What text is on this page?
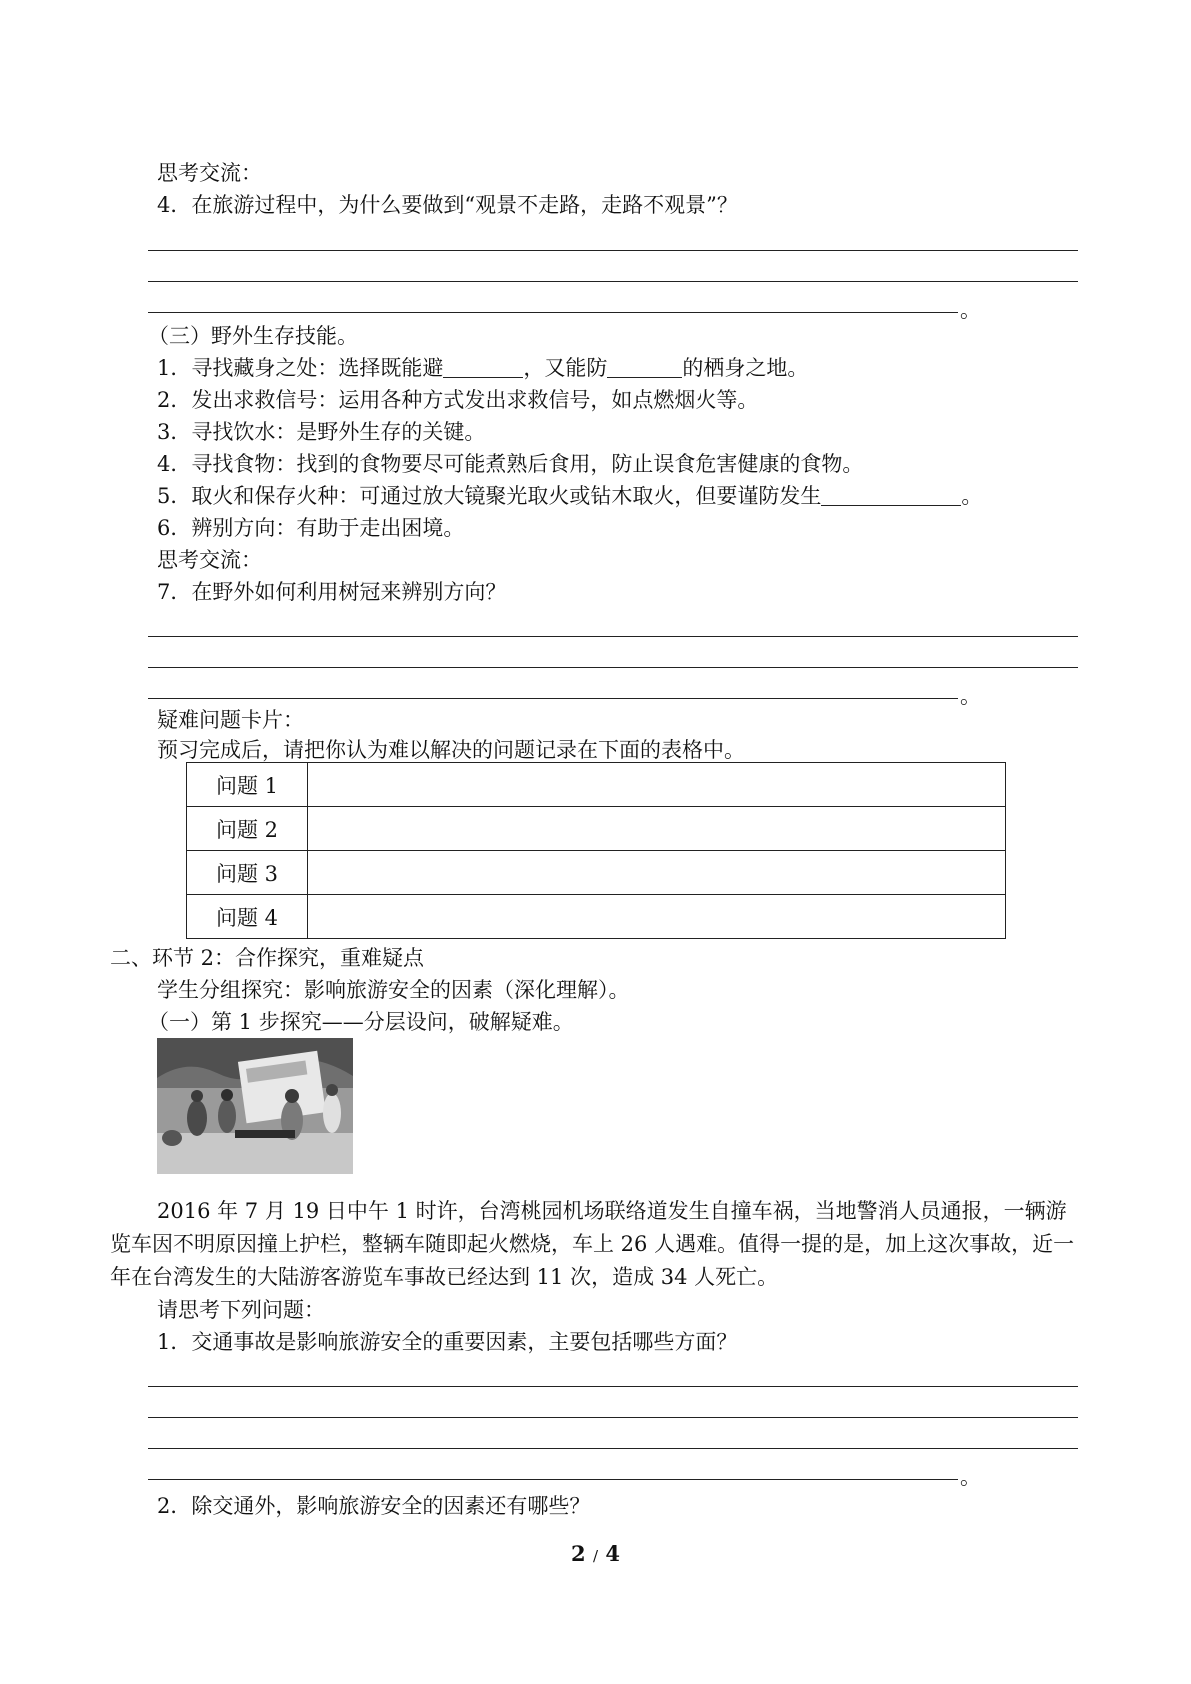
思考交流：
4．在旅游过程中，为什么要做到“观景不走路，走路不观景”？
。
（三）野外生存技能。
1．寻找藏身之处：选择既能避	，又能防	的栖身之地。
2．发出求救信号：运用各种方式发出求救信号，如点燃烟火等。
3．寻找饮水：是野外生存的关键。
4．寻找食物：找到的食物要尽可能煮熟后食用，防止误食危害健康的食物。
5．取火和保存火种：可通过放大镜聚光取火或钻木取火，但要谨防发生	。
6．辨别方向：有助于走出困境。
思考交流：
7．在野外如何利用树冠来辨别方向？
。
疑难问题卡片：
预习完成后，请把你认为难以解决的问题记录在下面的表格中。
问题 1	
问题 2	
问题 3	
问题 4	
二、环节 2：合作探究，重难疑点
学生分组探究：影响旅游安全的因素（深化理解）。
（一）第 1 步探究——分层设问，破解疑难。
2016 年 7 月 19 日中午 1 时许，台湾桃园机场联络道发生自撞车祸，当地警消人员通报，一辆游览车因不明原因撞上护栏，整辆车随即起火燃烧，车上 26 人遇难。值得一提的是，加上这次事故，近一年在台湾发生的大陆游客游览车事故已经达到 11 次，造成 34 人死亡。
请思考下列问题：
1．交通事故是影响旅游安全的重要因素，主要包括哪些方面？
。
2．除交通外，影响旅游安全的因素还有哪些？
2 / 4
